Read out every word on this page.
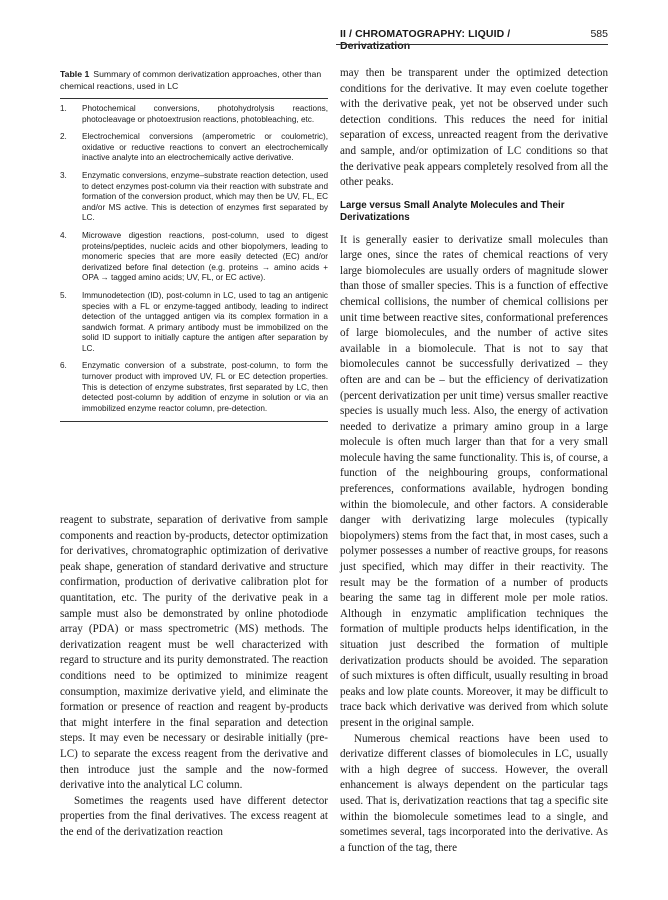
II / CHROMATOGRAPHY: LIQUID / Derivatization
585

Table 1 Summary of common derivatization approaches, other than chemical reactions, used in LC

1.	Photochemical conversions, photohydrolysis reactions, photocleavage or photoextrusion reactions, photobleaching, etc.
2.	Electrochemical conversions (amperometric or coulometric), oxidative or reductive reactions to convert an electrochemically inactive analyte into an electrochemically active derivative.
3.	Enzymatic conversions, enzyme–substrate reaction detection, used to detect enzymes post-column via their reaction with substrate and formation of the conversion product, which may then be UV, FL, EC and/or MS active. This is detection of enzymes first separated by LC.
4.	Microwave digestion reactions, post-column, used to digest proteins/peptides, nucleic acids and other biopolymers, leading to monomeric species that are more easily detected (EC) and/or derivatized before final detection (e.g. proteins → amino acids + OPA → tagged amino acids; UV, FL, or EC active).
5.	Immunodetection (ID), post-column in LC, used to tag an antigenic species with a FL or enzyme-tagged antibody, leading to indirect detection of the untagged antigen via its complex formation in a sandwich format. A primary antibody must be immobilized on the solid ID support to initially capture the antigen after separation by LC.
6.	Enzymatic conversion of a substrate, post-column, to form the turnover product with improved UV, FL or EC detection properties. This is detection of enzyme substrates, first separated by LC, then detected post-column by addition of enzyme in solution or via an immobilized enzyme reactor column, pre-detection.

reagent to substrate, separation of derivative from sample components and reaction by-products, detector optimization for derivatives, chromatographic optimization of derivative peak shape, generation of standard derivative and structure confirmation, production of derivative calibration plot for quantitation, etc. The purity of the derivative peak in a sample must also be demonstrated by online photodiode array (PDA) or mass spectrometric (MS) methods. The derivatization reagent must be well characterized with regard to structure and its purity demonstrated. The reaction conditions need to be optimized to minimize reagent consumption, maximize derivative yield, and eliminate the formation or presence of reaction and reagent by-products that might interfere in the final separation and detection steps. It may even be necessary or desirable initially (pre-LC) to separate the excess reagent from the derivative and then introduce just the sample and the now-formed derivative into the analytical LC column.

Sometimes the reagents used have different detector properties from the final derivatives. The excess reagent at the end of the derivatization reaction

may then be transparent under the optimized detection conditions for the derivative. It may even coelute together with the derivative peak, yet not be observed under such detection conditions. This reduces the need for initial separation of excess, unreacted reagent from the derivative and sample, and/or optimization of LC conditions so that the derivative peak appears completely resolved from all the other peaks.

Large versus Small Analyte Molecules and Their Derivatizations

It is generally easier to derivatize small molecules than large ones, since the rates of chemical reactions of very large biomolecules are usually orders of magnitude slower than those of smaller species. This is a function of effective chemical collisions, the number of chemical collisions per unit time between reactive sites, conformational preferences of large biomolecules, and the number of active sites available in a biomolecule. That is not to say that biomolecules cannot be successfully derivatized – they often are and can be – but the efficiency of derivatization (percent derivatization per unit time) versus smaller reactive species is usually much less. Also, the energy of activation needed to derivatize a primary amino group in a large molecule is often much larger than that for a very small molecule having the same functionality. This is, of course, a function of the neighbouring groups, conformational preferences, conformations available, hydrogen bonding within the biomolecule, and other factors. A considerable danger with derivatizing large molecules (typically biopolymers) stems from the fact that, in most cases, such a polymer possesses a number of reactive groups, for reasons just specified, which may differ in their reactivity. The result may be the formation of a number of products bearing the same tag in different mole per mole ratios. Although in enzymatic amplification techniques the formation of multiple products helps identification, in the situation just described the formation of multiple derivatization products should be avoided. The separation of such mixtures is often difficult, usually resulting in broad peaks and low plate counts. Moreover, it may be difficult to trace back which derivative was derived from which solute present in the original sample.

Numerous chemical reactions have been used to derivatize different classes of biomolecules in LC, usually with a high degree of success. However, the overall enhancement is always dependent on the particular tags used. That is, derivatization reactions that tag a specific site within the biomolecule sometimes lead to a single, and sometimes several, tags incorporated into the derivative. As a function of the tag, there
